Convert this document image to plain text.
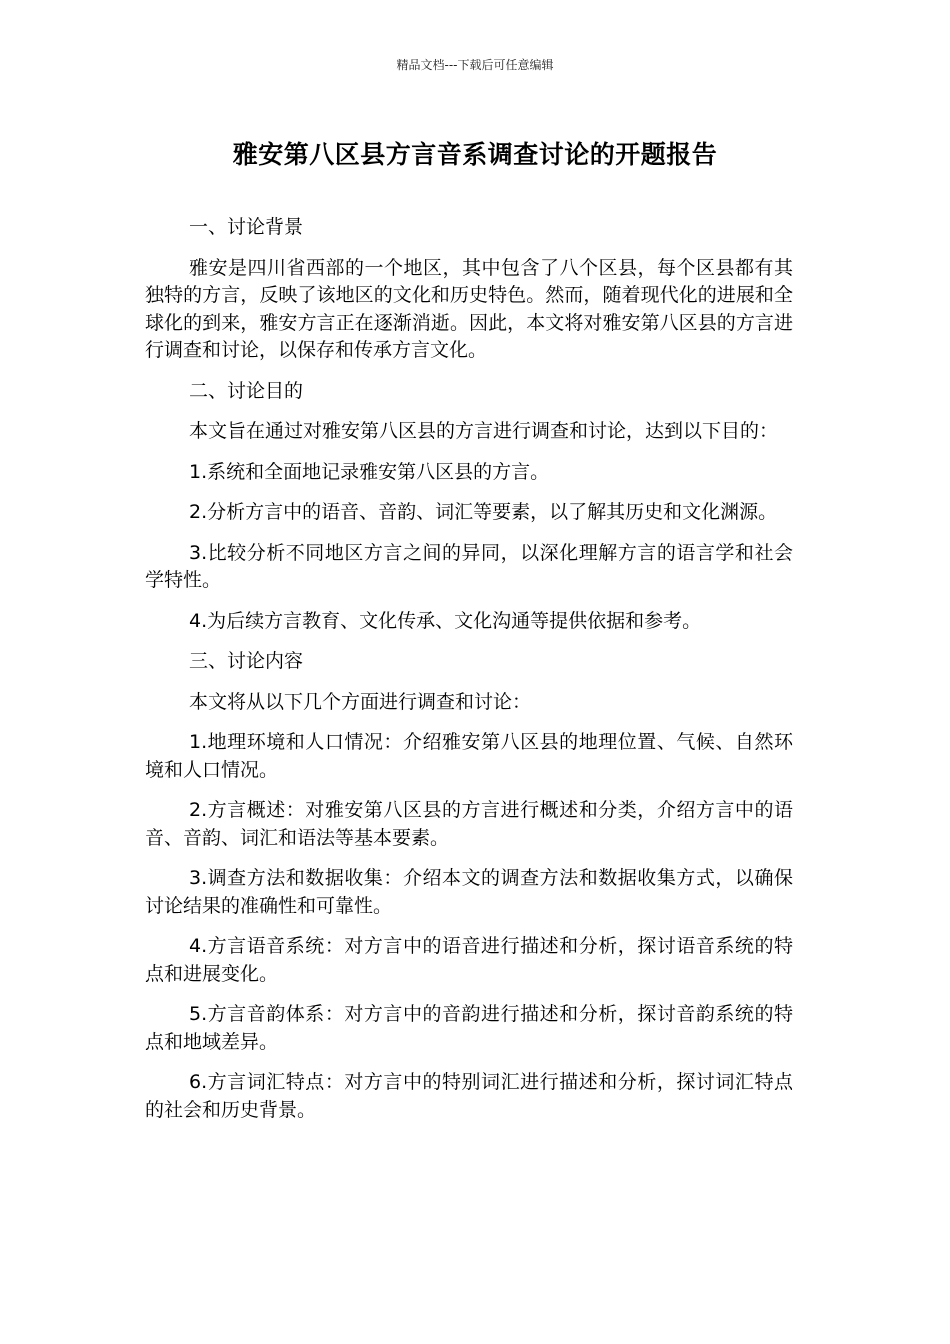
精品文档---下载后可任意编辑
雅安第八区县方言音系调查讨论的开题报告

一、讨论背景

雅安是四川省西部的一个地区，其中包含了八个区县，每个区县都有其独特的方言，反映了该地区的文化和历史特色。然而，随着现代化的进展和全球化的到来，雅安方言正在逐渐消逝。因此，本文将对雅安第八区县的方言进行调查和讨论，以保存和传承方言文化。

二、讨论目的

本文旨在通过对雅安第八区县的方言进行调查和讨论，达到以下目的：

1.系统和全面地记录雅安第八区县的方言。

2.分析方言中的语音、音韵、词汇等要素，以了解其历史和文化渊源。

3.比较分析不同地区方言之间的异同，以深化理解方言的语言学和社会学特性。

4.为后续方言教育、文化传承、文化沟通等提供依据和参考。

三、讨论内容

本文将从以下几个方面进行调查和讨论：

1.地理环境和人口情况：介绍雅安第八区县的地理位置、气候、自然环境和人口情况。

2.方言概述：对雅安第八区县的方言进行概述和分类，介绍方言中的语音、音韵、词汇和语法等基本要素。

3.调查方法和数据收集：介绍本文的调查方法和数据收集方式，以确保讨论结果的准确性和可靠性。

4.方言语音系统：对方言中的语音进行描述和分析，探讨语音系统的特点和进展变化。

5.方言音韵体系：对方言中的音韵进行描述和分析，探讨音韵系统的特点和地域差异。

6.方言词汇特点：对方言中的特别词汇进行描述和分析，探讨词汇特点的社会和历史背景。
